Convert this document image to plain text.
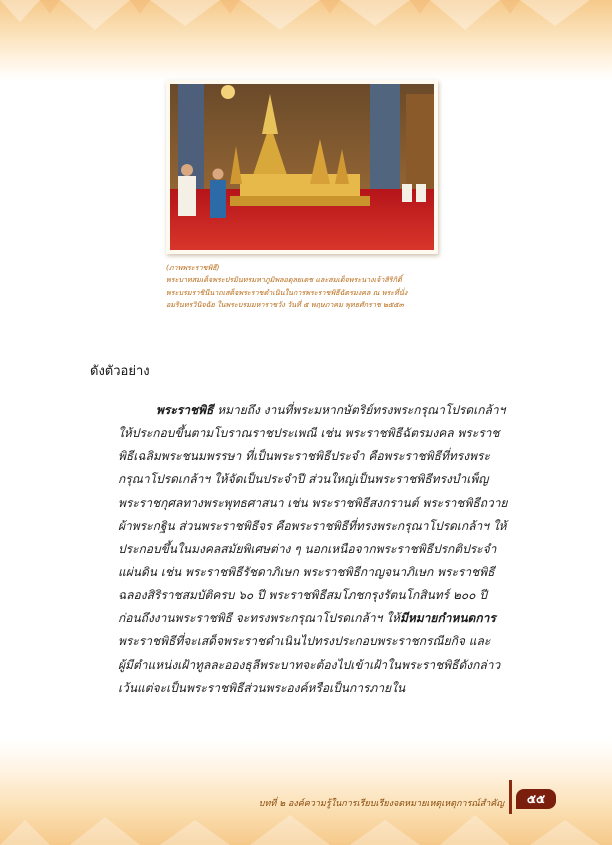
(ภาพพระราชพิธี)
พระบาทสมเด็จพระปรมินทรมหาภูมิพลอดุลยเดช และสมเด็จพระนางเจ้าสิริกิติ์
พระบรมราชินีนาถเสด็จพระราชดำเนินในการพระราชพิธีฉัตรมงคล ณ พระที่นั่ง
อมรินทรวินิจฉัย ในพระบรมมหาราชวัง วันที่ ๕ พฤษภาคม พุทธศักราช ๒๕๕๓
ดังตัวอย่าง
พระราชพิธี หมายถึง งานที่พระมหากษัตริย์ทรงพระกรุณาโปรดเกล้าฯ
ให้ประกอบขึ้นตามโบราณราชประเพณี เช่น พระราชพิธีฉัตรมงคล พระราช
พิธีเฉลิมพระชนมพรรษา ที่เป็นพระราชพิธีประจำ คือพระราชพิธีที่ทรงพระ
กรุณาโปรดเกล้าฯ ให้จัดเป็นประจำปี ส่วนใหญ่เป็นพระราชพิธีทรงบำเพ็ญ
พระราชกุศลทางพระพุทธศาสนา เช่น พระราชพิธีสงกรานต์ พระราชพิธีถวาย
ผ้าพระกฐิน ส่วนพระราชพิธีจร คือพระราชพิธีที่ทรงพระกรุณาโปรดเกล้าฯ ให้
ประกอบขึ้นในมงคลสมัยพิเศษต่าง ๆ นอกเหนือจากพระราชพิธีปรกติประจำ
แผ่นดิน เช่น พระราชพิธีรัชดาภิเษก พระราชพิธีกาญจนาภิเษก พระราชพิธี
ฉลองสิริราชสมบัติครบ ๖๐ ปี พระราชพิธีสมโภชกรุงรัตนโกสินทร์ ๒๐๐ ปี
ก่อนถึงงานพระราชพิธี จะทรงพระกรุณาโปรดเกล้าฯ ให้มีหมายกำหนดการ
พระราชพิธีที่จะเสด็จพระราชดำเนินไปทรงประกอบพระราชกรณียกิจ และ
ผู้มีตำแหน่งเฝ้าทูลละอองธุลีพระบาทจะต้องไปเข้าเฝ้าในพระราชพิธีดังกล่าว
เว้นแต่จะเป็นพระราชพิธีส่วนพระองค์หรือเป็นการภายใน
บทที่ ๒ องค์ความรู้ในการเรียบเรียงจดหมายเหตุเหตุการณ์สำคัญ	๕๕
